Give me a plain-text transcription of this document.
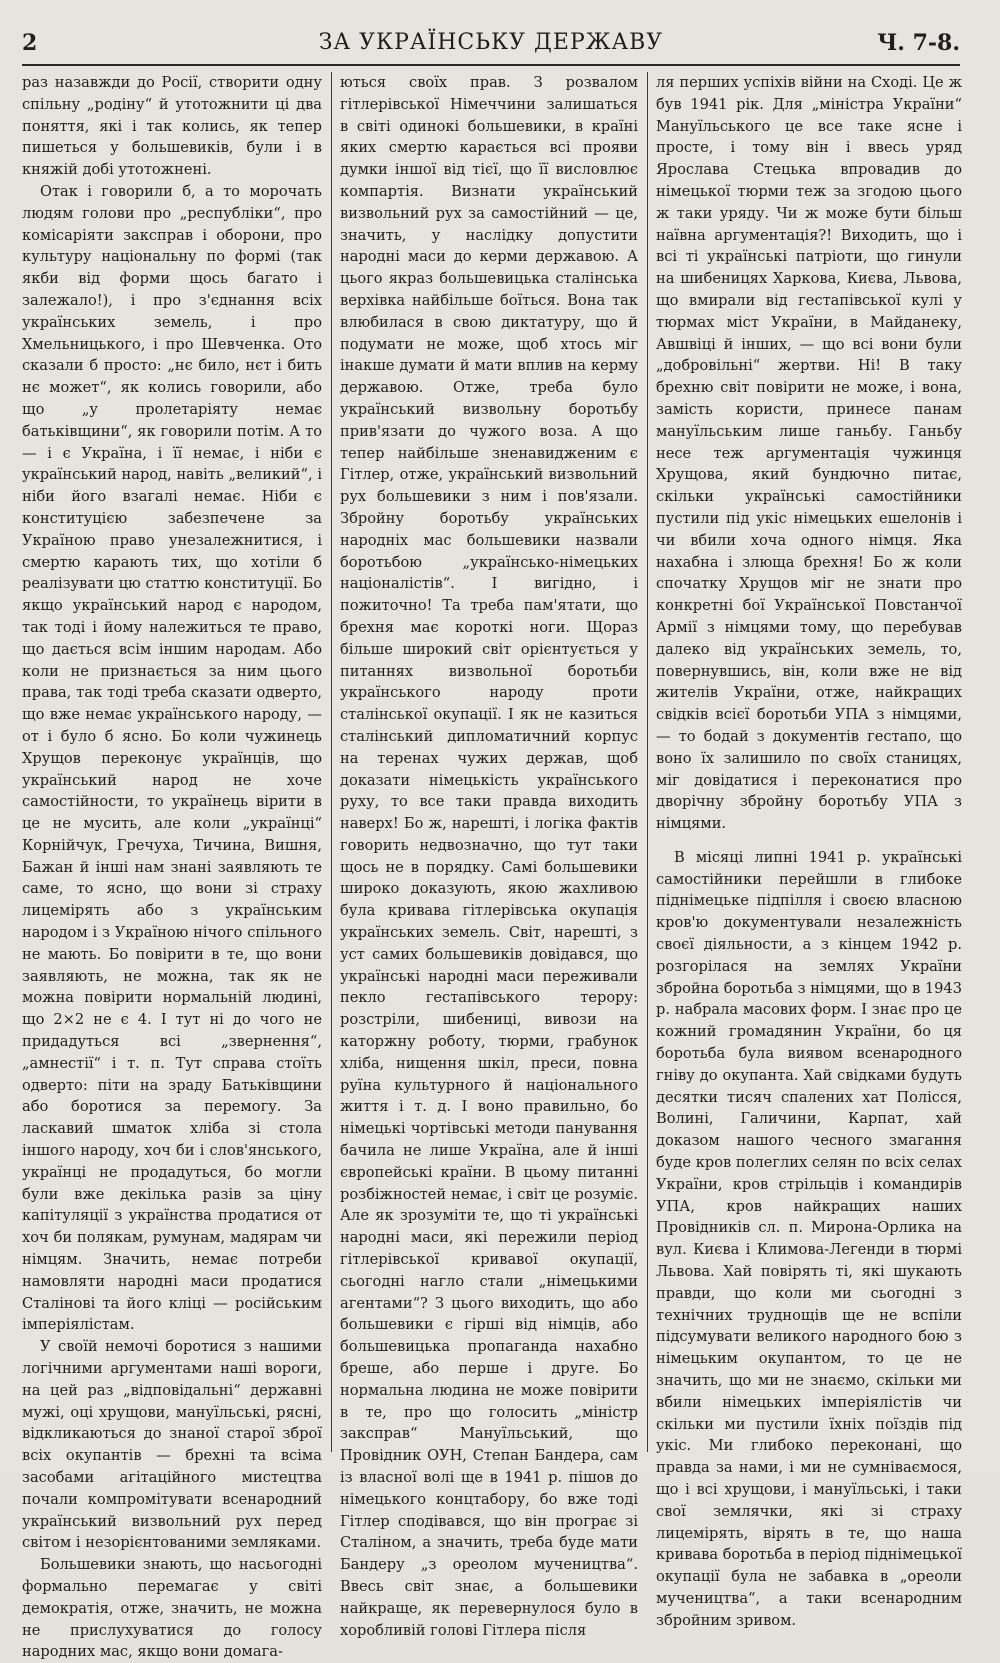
2	ЗА УКРАЇНСЬКУ ДЕРЖАВУ	Ч. 7-8.

раз назавжди до Росії, створити одну спільну „родіну“ й утотожнити ці два поняття, які і так колись, як тепер пишеться у большевиків, були і в княжій добі утотожнені.

Отак і говорили б, а то морочать людям голови про „республіки“, про комісаріяти заксправ і оборони, про культуру національну по формі (так якби від форми щось багато і залежало!), і про з'єднання всіх українських земель, і про Хмельницького, і про Шевченка. Ото сказали б просто: „нє било, нєт і бить нє может“, як колись говорили, або що „у пролетаріяту немає батьківщини“, як говорили потім. А то — і є Україна, і її немає, і ніби є український народ, навіть „великий“, і ніби його взагалі немає. Ніби є конституцією забезпечене за Україною право унезалежнитися, і смертю карають тих, що хотіли б реалізувати цю статтю конституції. Бо якщо український народ є народом, так тоді і йому належиться те право, що дається всім іншим народам. Або коли не признається за ним цього права, так тоді треба сказати одверто, що вже немає українського народу, — от і було б ясно. Бо коли чужинець Хрущов переконує українців, що український народ не хоче самостійности, то українець вірити в це не мусить, але коли „українці“ Корнійчук, Гречуха, Тичина, Вишня, Бажан й інші нам знані заявляють те саме, то ясно, що вони зі страху лицемірять або з українським народом і з Україною нічого спільного не мають. Бо повірити в те, що вони заявляють, не можна, так як не можна повірити нормальній людині, що 2×2 не є 4. І тут ні до чого не придадуться всі „звернення“, „амнестії“ і т. п. Тут справа стоїть одверто: піти на зраду Батьківщини або боротися за перемогу. За ласкавий шматок хліба зі стола іншого народу, хоч би і слов'янського, українці не продадуться, бо могли були вже декілька разів за ціну капітуляції з українства продатися от хоч би полякам, румунам, мадярам чи німцям. Значить, немає потреби намовляти народні маси продатися Сталінові та його кліці — російським імперіялістам.

У своїй немочі боротися з нашими логічними аргументами наші вороги, на цей раз „відповідальні“ державні мужі, оці хрущови, мануїльські, рясні, відкликаються до знаної старої зброї всіх окупантів — брехні та всіма засобами агітаційного мистецтва почали компромітувати всенародний український визвольний рух перед світом і незорієнтованими земляками.

Большевики знають, що насьогодні формально перемагає у світі демократія, отже, значить, не можна не прислухуватися до голосу народних мас, якщо вони домага-

ються своїх прав. З розвалом гітлерівської Німеччини залишаться в світі одинокі большевики, в країні яких смертю карається всі прояви думки іншої від тієї, що її висловлює компартія. Визнати український визвольний рух за самостійний — це, значить, у наслідку допустити народні маси до керми державою. А цього якраз большевицька сталінська верхівка найбільше боїться. Вона так влюбилася в свою диктатуру, що й подумати не може, щоб хтось міг інакше думати й мати вплив на керму державою. Отже, треба було український визвольну боротьбу прив'язати до чужого воза. А що тепер найбільше зненавидженим є Гітлер, отже, український визвольний рух большевики з ним і пов'язали. Збройну боротьбу українських народніх мас большевики назвали боротьбою „українсько-німецьких націоналістів“. І вигідно, і пожиточно! Та треба пам'ятати, що брехня має короткі ноги. Щораз більше широкий світ орієнтується у питаннях визвольної боротьби українського народу проти сталінської окупації. І як не казиться сталінський дипломатичний корпус на теренах чужих держав, щоб доказати німецькість українського руху, то все таки правда виходить наверх! Бо ж, нарешті, і логіка фактів говорить недвозначно, що тут таки щось не в порядку. Самі большевики широко доказують, якою жахливою була кривава гітлерівська окупація українських земель. Світ, нарешті, з уст самих большевиків довідався, що українські народні маси переживали пекло гестапівського терору: розстріли, шибениці, вивози на каторжну роботу, тюрми, грабунок хліба, нищення шкіл, преси, повна руїна культурного й національного життя і т. д. І воно правильно, бо німецькі чортівські методи панування бачила не лише Україна, але й інші європейські країни. В цьому питанні розбіжностей немає, і світ це розуміє. Але як зрозуміти те, що ті українські народні маси, які пережили період гітлерівської кривавої окупації, сьогодні нагло стали „німецькими агентами“? З цього виходить, що або большевики є гірші від німців, або большевицька пропаганда нахабно бреше, або перше і друге. Бо нормальна людина не може повірити в те, про що голосить „міністр заксправ“ Мануїльський, що Провідник ОУН, Степан Бандера, сам із власної волі ще в 1941 р. пішов до німецького концтабору, бо вже тоді Гітлер сподівався, що він програє зі Сталіном, а значить, треба буде мати Бандеру „з ореолом мучеництва“. Ввесь світ знає, а большевики найкраще, як перевернулося було в хоробливій голові Гітлера після

ля перших успіхів війни на Сході. Це ж був 1941 рік. Для „міністра України“ Мануїльського це все таке ясне і просте, і тому він і ввесь уряд Ярослава Стецька впровадив до німецької тюрми теж за згодою цього ж таки уряду. Чи ж може бути більш наївна аргументація?! Виходить, що і всі ті українські патріоти, що гинули на шибеницях Харкова, Києва, Львова, що вмирали від гестапівської кулі у тюрмах міст України, в Майданеку, Авшвіці й інших, — що всі вони були „добровільні“ жертви. Ні! В таку брехню світ повірити не може, і вона, замість користи, принесе панам мануїльським лише ганьбу. Ганьбу несе теж аргументація чужинця Хрущова, який бундючно питає, скільки українські самостійники пустили під укіс німецьких ешелонів і чи вбили хоча одного німця. Яка нахабна і злюща брехня! Бо ж коли спочатку Хрущов міг не знати про конкретні бої Української Повстанчої Армії з німцями тому, що перебував далеко від українських земель, то, повернувшись, він, коли вже не від жителів України, отже, найкращих свідків всієї боротьби УПА з німцями, — то бодай з документів гестапо, що воно їх залишило по своїх станицях, міг довідатися і переконатися про дворічну збройну боротьбу УПА з німцями.

В місяці липні 1941 р. українські самостійники перейшли в глибоке піднімецьке підпілля і своєю власною кров'ю документували незалежність своєї діяльности, а з кінцем 1942 р. розгорілася на землях України збройна боротьба з німцями, що в 1943 р. набрала масових форм. І знає про це кожний громадянин України, бо ця боротьба була виявом всенародного гніву до окупанта. Хай свідками будуть десятки тисяч спалених хат Полісся, Волині, Галичини, Карпат, хай доказом нашого чесного змагання буде кров полеглих селян по всіх селах України, кров стрільців і командирів УПА, кров найкращих наших Провідників сл. п. Мирона-Орлика на вул. Києва і Климова-Легенди в тюрмі Львова. Хай повірять ті, які шукають правди, що коли ми сьогодні з технічних труднощів ще не вспіли підсумувати великого народного бою з німецьким окупантом, то це не значить, що ми не знаємо, скільки ми вбили німецьких імперіялістів чи скільки ми пустили їхніх поїздів під укіс. Ми глибоко переконані, що правда за нами, і ми не сумніваємося, що і всі хрущови, і мануїльські, і таки свої землячки, які зі страху лицемірять, вірять в те, що наша кривава боротьба в період піднімецької окупації була не забавка в „ореоли мучеництва“, а таки всенародним збройним зривом.
